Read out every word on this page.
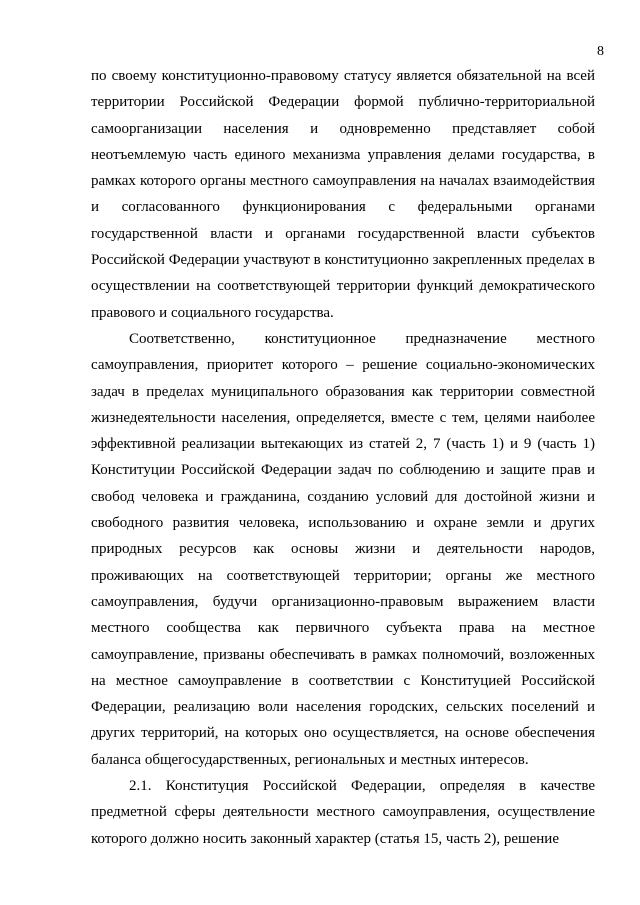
8

по своему конституционно-правовому статусу является обязательной на всей территории Российской Федерации формой публично-территориальной самоорганизации населения и одновременно представляет собой неотъемлемую часть единого механизма управления делами государства, в рамках которого органы местного самоуправления на началах взаимодействия и согласованного функционирования с федеральными органами государственной власти и органами государственной власти субъектов Российской Федерации участвуют в конституционно закрепленных пределах в осуществлении на соответствующей территории функций демократического правового и социального государства.

Соответственно, конституционное предназначение местного самоуправления, приоритет которого – решение социально-экономических задач в пределах муниципального образования как территории совместной жизнедеятельности населения, определяется, вместе с тем, целями наиболее эффективной реализации вытекающих из статей 2, 7 (часть 1) и 9 (часть 1) Конституции Российской Федерации задач по соблюдению и защите прав и свобод человека и гражданина, созданию условий для достойной жизни и свободного развития человека, использованию и охране земли и других природных ресурсов как основы жизни и деятельности народов, проживающих на соответствующей территории; органы же местного самоуправления, будучи организационно-правовым выражением власти местного сообщества как первичного субъекта права на местное самоуправление, призваны обеспечивать в рамках полномочий, возложенных на местное самоуправление в соответствии с Конституцией Российской Федерации, реализацию воли населения городских, сельских поселений и других территорий, на которых оно осуществляется, на основе обеспечения баланса общегосударственных, региональных и местных интересов.

2.1. Конституция Российской Федерации, определяя в качестве предметной сферы деятельности местного самоуправления, осуществление которого должно носить законный характер (статья 15, часть 2), решение
